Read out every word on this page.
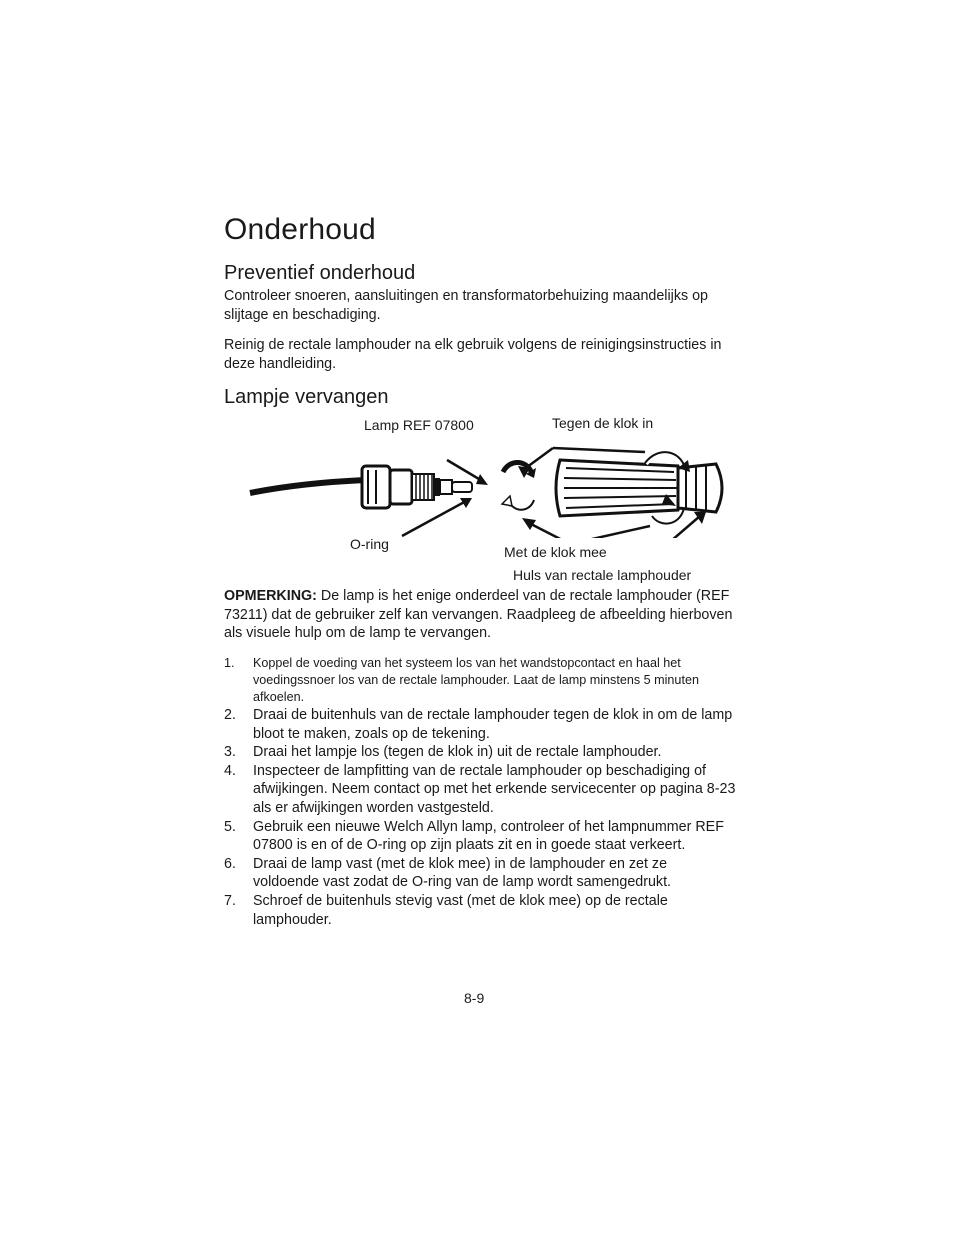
Onderhoud
Preventief onderhoud

Controleer snoeren, aansluitingen en transformatorbehuizing maandelijks op slijtage en beschadiging.

Reinig de rectale lamphouder na elk gebruik volgens de reinigingsinstructies in deze handleiding.

Lampje vervangen
Lamp REF 07800	Tegen de klok in
O-ring	Met de klok mee
Huls van rectale lamphouder

OPMERKING: De lamp is het enige onderdeel van de rectale lamphouder (REF 73211) dat de gebruiker zelf kan vervangen. Raadpleeg de afbeelding hierboven als visuele hulp om de lamp te vervangen.

1. Koppel de voeding van het systeem los van het wandstopcontact en haal het voedingssnoer los van de rectale lamphouder. Laat de lamp minstens 5 minuten afkoelen.
2. Draai de buitenhuls van de rectale lamphouder tegen de klok in om de lamp bloot te maken, zoals op de tekening.
3. Draai het lampje los (tegen de klok in) uit de rectale lamphouder.
4. Inspecteer de lampfitting van de rectale lamphouder op beschadiging of afwijkingen. Neem contact op met het erkende servicecenter op pagina 8-23 als er afwijkingen worden vastgesteld.
5. Gebruik een nieuwe Welch Allyn lamp, controleer of het lampnummer REF 07800 is en of de O-ring op zijn plaats zit en in goede staat verkeert.
6. Draai de lamp vast (met de klok mee) in de lamphouder en zet ze voldoende vast zodat de O-ring van de lamp wordt samengedrukt.
7. Schroef de buitenhuls stevig vast (met de klok mee) op de rectale lamphouder.
8-9
